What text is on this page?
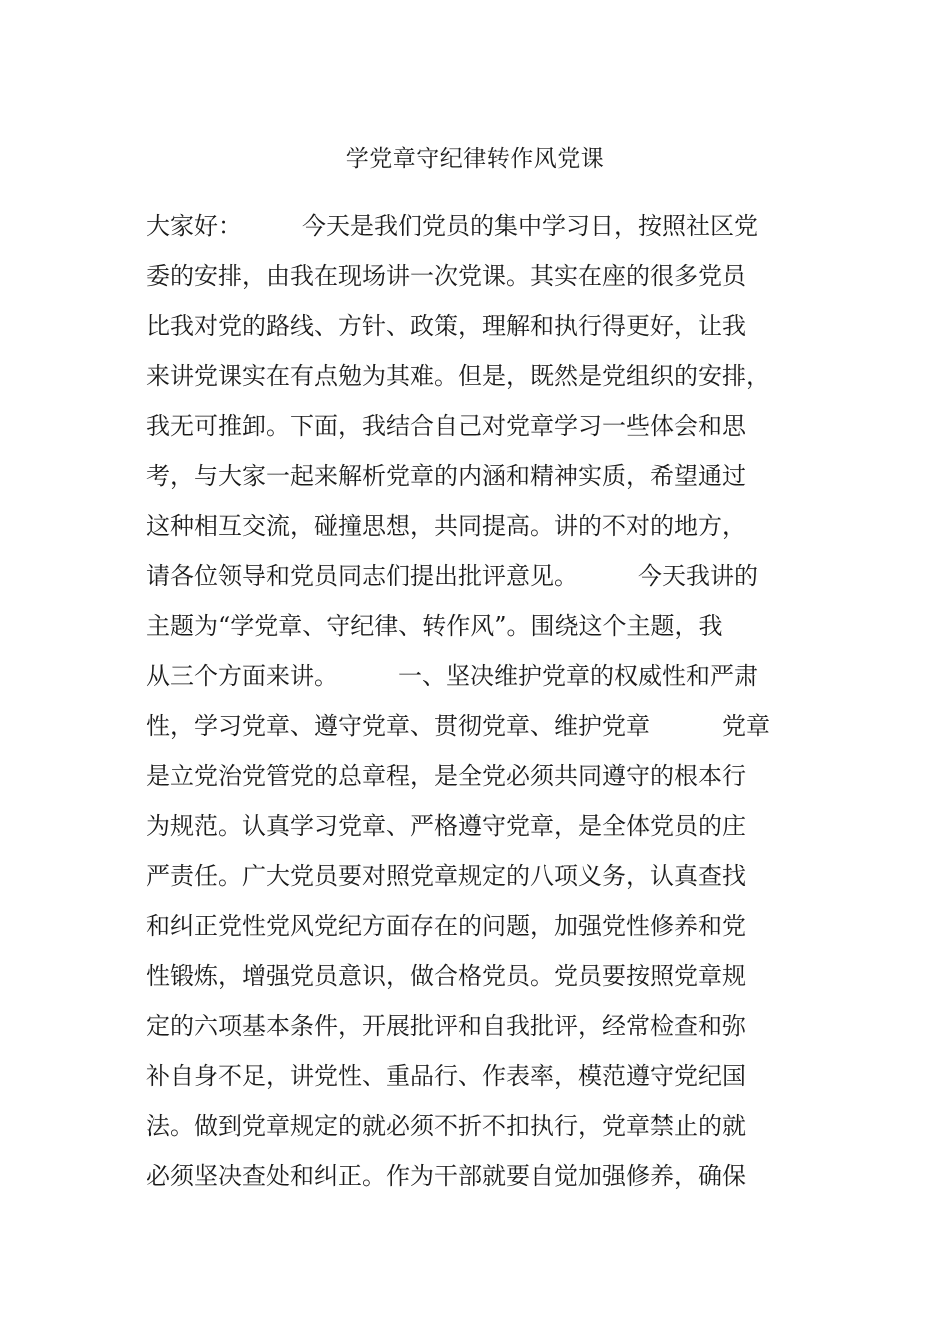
学党章守纪律转作风党课
大家好：　　　今天是我们党员的集中学习日，按照社区党
委的安排，由我在现场讲一次党课。其实在座的很多党员
比我对党的路线、方针、政策，理解和执行得更好，让我
来讲党课实在有点勉为其难。但是，既然是党组织的安排，
我无可推卸。下面，我结合自己对党章学习一些体会和思
考，与大家一起来解析党章的内涵和精神实质，希望通过
这种相互交流，碰撞思想，共同提高。讲的不对的地方，
请各位领导和党员同志们提出批评意见。　　　今天我讲的
主题为“学党章、守纪律、转作风”。围绕这个主题，我
从三个方面来讲。　　　一、坚决维护党章的权威性和严肃
性，学习党章、遵守党章、贯彻党章、维护党章　　　党章
是立党治党管党的总章程，是全党必须共同遵守的根本行
为规范。认真学习党章、严格遵守党章，是全体党员的庄
严责任。广大党员要对照党章规定的八项义务，认真查找
和纠正党性党风党纪方面存在的问题，加强党性修养和党
性锻炼，增强党员意识，做合格党员。党员要按照党章规
定的六项基本条件，开展批评和自我批评，经常检查和弥
补自身不足，讲党性、重品行、作表率，模范遵守党纪国
法。做到党章规定的就必须不折不扣执行，党章禁止的就
必须坚决查处和纠正。作为干部就要自觉加强修养，确保
